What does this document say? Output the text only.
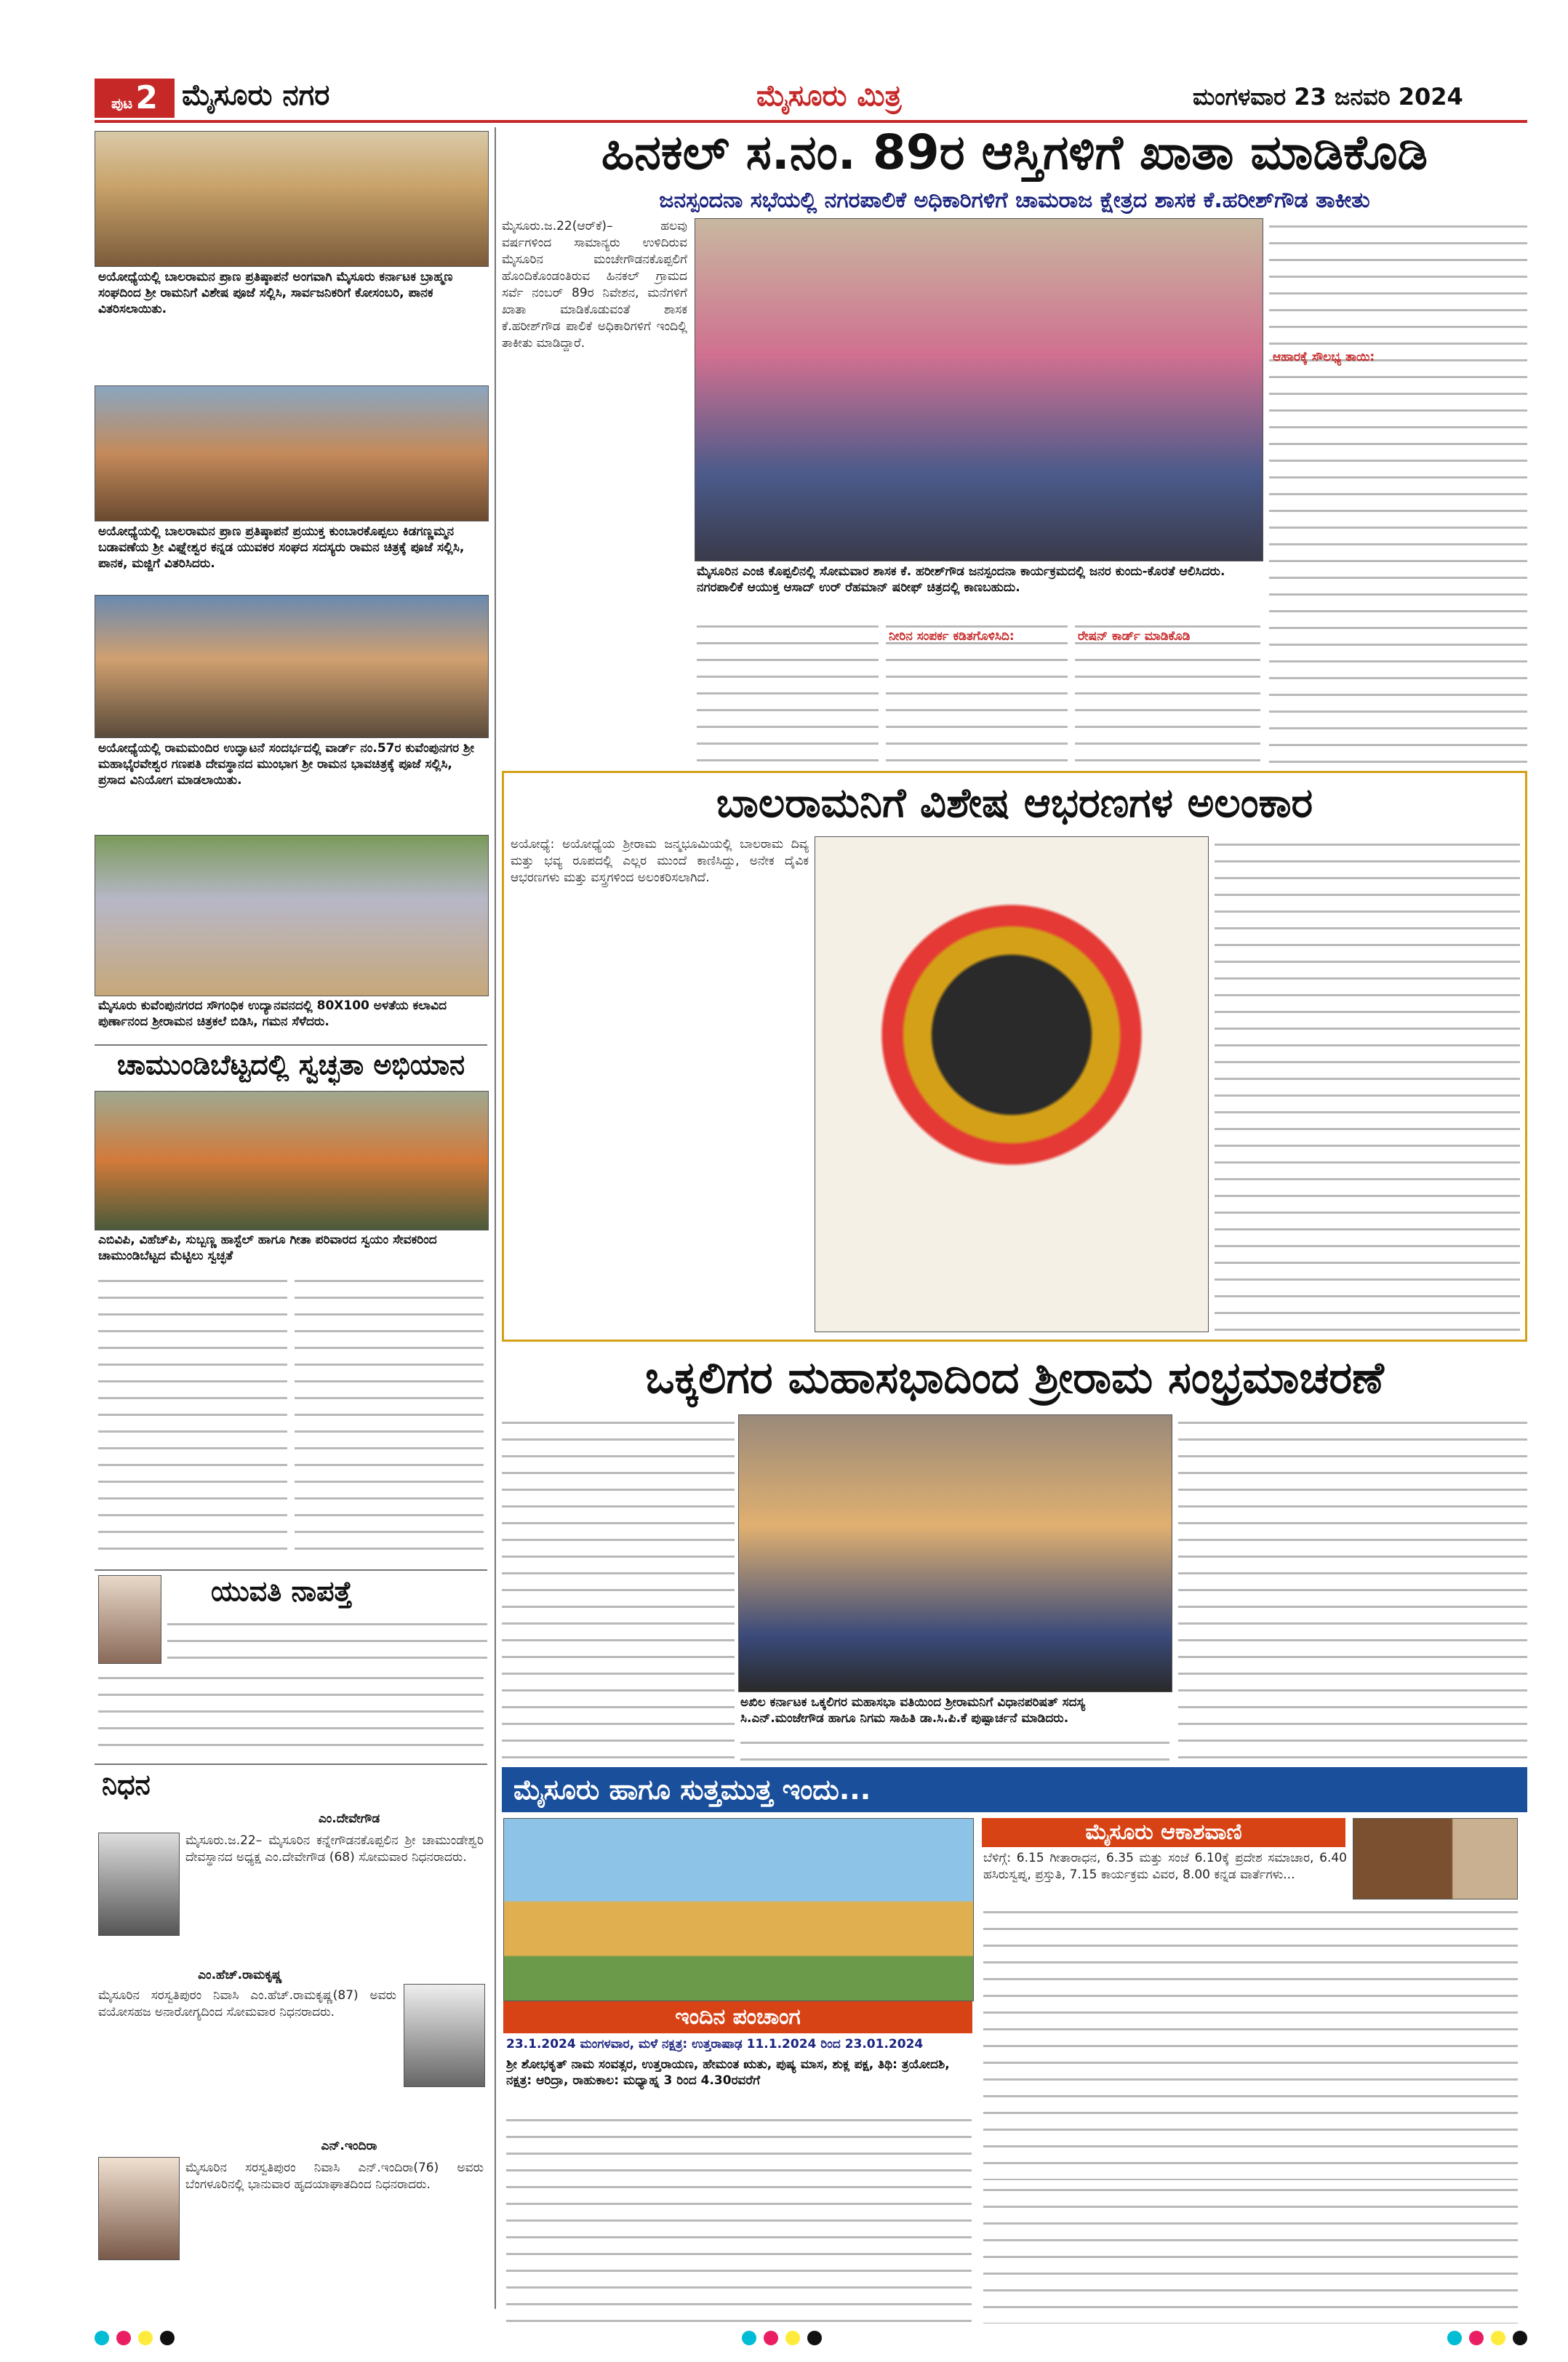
ಪುಟ2 ಮೈಸೂರು ನಗರ	ಮೈಸೂರು ಮಿತ್ರ	ಮಂಗಳವಾರ 23 ಜನವರಿ 2024
ಅಯೋಧ್ಯೆಯಲ್ಲಿ ಬಾಲರಾಮನ ಪ್ರಾಣ ಪ್ರತಿಷ್ಠಾಪನೆ ಅಂಗವಾಗಿ ಮೈಸೂರು ಕರ್ನಾಟಕ ಬ್ರಾಹ್ಮಣ ಸಂಘದಿಂದ ಶ್ರೀ ರಾಮನಿಗೆ ವಿಶೇಷ ಪೂಜೆ ಸಲ್ಲಿಸಿ, ಸಾರ್ವಜನಿಕರಿಗೆ ಕೋಸಂಬರಿ, ಪಾನಕ ವಿತರಿಸಲಾಯಿತು.
ಅಯೋಧ್ಯೆಯಲ್ಲಿ ಬಾಲರಾಮನ ಪ್ರಾಣ ಪ್ರತಿಷ್ಠಾಪನೆ ಪ್ರಯುಕ್ತ ಕುಂಬಾರಕೊಪ್ಪಲು ಕಿಡಗಣ್ಣಮ್ಮನ ಬಡಾವಣೆಯ ಶ್ರೀ ವಿಘ್ನೇಶ್ವರ ಕನ್ನಡ ಯುವಕರ ಸಂಘದ ಸದಸ್ಯರು ರಾಮನ ಚಿತ್ರಕ್ಕೆ ಪೂಜೆ ಸಲ್ಲಿಸಿ, ಪಾನಕ, ಮಜ್ಜಿಗೆ ವಿತರಿಸಿದರು.
ಅಯೋಧ್ಯೆಯಲ್ಲಿ ರಾಮಮಂದಿರ ಉದ್ಘಾಟನೆ ಸಂದರ್ಭದಲ್ಲಿ ವಾರ್ಡ್ ನಂ.57ರ ಕುವೆಂಪುನಗರ ಶ್ರೀ ಮಹಾಭೈರವೇಶ್ವರ ಗಣಪತಿ ದೇವಸ್ಥಾನದ ಮುಂಭಾಗ ಶ್ರೀ ರಾಮನ ಭಾವಚಿತ್ರಕ್ಕೆ ಪೂಜೆ ಸಲ್ಲಿಸಿ, ಪ್ರಸಾದ ವಿನಿಯೋಗ ಮಾಡಲಾಯಿತು.
ಮೈಸೂರು ಕುವೆಂಪುನಗರದ ಸೌಗಂಧಿಕ ಉದ್ಯಾನವನದಲ್ಲಿ 80X100 ಅಳತೆಯ ಕಲಾವಿದ ಪುರ್ಣಾನಂದ ಶ್ರೀರಾಮನ ಚಿತ್ರಕಲೆ ಬಿಡಿಸಿ, ಗಮನ ಸೆಳೆದರು.
ಚಾಮುಂಡಿಬೆಟ್ಟದಲ್ಲಿ ಸ್ವಚ್ಛತಾ ಅಭಿಯಾನ
ಎಬಿವಿಪಿ, ವಿಹೆಚ್‌ಪಿ, ಸುಬ್ಬಣ್ಣ ಹಾಸ್ಟೆಲ್ ಹಾಗೂ ಗೀತಾ ಪರಿವಾರದ ಸ್ವಯಂ ಸೇವಕರಿಂದ ಚಾಮುಂಡಿಬೆಟ್ಟದ ಮೆಟ್ಟಿಲು ಸ್ವಚ್ಛತೆ
ಯುವತಿ ನಾಪತ್ತೆ
ನಿಧನ
ಎಂ.ದೇವೇಗೌಡ
ಮೈಸೂರು.ಜ.22– ಮೈಸೂರಿನ ಕನ್ನೇಗೌಡನಕೊಪ್ಪಲಿನ ಶ್ರೀ ಚಾಮುಂಡೇಶ್ವರಿ ದೇವಸ್ಥಾನದ ಅಧ್ಯಕ್ಷ ಎಂ.ದೇವೇಗೌಡ (68) ಸೋಮವಾರ ನಿಧನರಾದರು.
ಎಂ.ಹೆಚ್.ರಾಮಕೃಷ್ಣ
ಮೈಸೂರಿನ ಸರಸ್ವತಿಪುರಂ ನಿವಾಸಿ ಎಂ.ಹೆಚ್.ರಾಮಕೃಷ್ಣ(87) ಅವರು ವಯೋಸಹಜ ಅನಾರೋಗ್ಯದಿಂದ ಸೋಮವಾರ ನಿಧನರಾದರು.
ಎನ್.ಇಂದಿರಾ
ಮೈಸೂರಿನ ಸರಸ್ವತಿಪುರಂ ನಿವಾಸಿ ಎನ್.ಇಂದಿರಾ(76) ಅವರು ಬೆಂಗಳೂರಿನಲ್ಲಿ ಭಾನುವಾರ ಹೃದಯಾಘಾತದಿಂದ ನಿಧನರಾದರು.
ಹಿನಕಲ್ ಸ.ನಂ. 89ರ ಆಸ್ತಿಗಳಿಗೆ ಖಾತಾ ಮಾಡಿಕೊಡಿ
ಜನಸ್ಪಂದನಾ ಸಭೆಯಲ್ಲಿ ನಗರಪಾಲಿಕೆ ಅಧಿಕಾರಿಗಳಿಗೆ ಚಾಮರಾಜ ಕ್ಷೇತ್ರದ ಶಾಸಕ ಕೆ.ಹರೀಶ್‌ಗೌಡ ತಾಕೀತು
ಮೈಸೂರು.ಜ.22(ಆರ್‌ಕೆ)– ಹಲವು ವರ್ಷಗಳಿಂದ ಸಾಮಾನ್ಯರು ಉಳಿದಿರುವ ಮೈಸೂರಿನ ಮಂಚೇಗೌಡನಕೊಪ್ಪಲಿಗೆ ಹೊಂದಿಕೊಂಡಂತಿರುವ ಹಿನಕಲ್ ಗ್ರಾಮದ ಸರ್ವೆ ನಂಬರ್ 89ರ ನಿವೇಶನ, ಮನೆಗಳಿಗೆ ಖಾತಾ ಮಾಡಿಕೊಡುವಂತೆ ಶಾಸಕ ಕೆ.ಹರೀಶ್‌ಗೌಡ ಪಾಲಿಕೆ ಅಧಿಕಾರಿಗಳಿಗೆ ಇಂದಿಲ್ಲಿ ತಾಕೀತು ಮಾಡಿದ್ದಾರೆ.
ಮೈಸೂರಿನ ಎಂಜಿ ಕೊಪ್ಪಲಿನಲ್ಲಿ ಸೋಮವಾರ ಶಾಸಕ ಕೆ. ಹರೀಶ್‌ಗೌಡ ಜನಸ್ಪಂದನಾ ಕಾರ್ಯಕ್ರಮದಲ್ಲಿ ಜನರ ಕುಂದು-ಕೊರತೆ ಆಲಿಸಿದರು. ನಗರಪಾಲಿಕೆ ಆಯುಕ್ತ ಆಸಾದ್ ಉರ್ ರೆಹಮಾನ್ ಷರೀಫ್ ಚಿತ್ರದಲ್ಲಿ ಕಾಣಬಹುದು.
ಆಹಾರಕ್ಕೆ ಸೌಲಭ್ಯ ತಾಯಿ:
ನೀರಿನ ಸಂಪರ್ಕ ಕಡಿತಗೊಳಿಸಿದಿ:	ರೇಷನ್ ಕಾರ್ಡ್ ಮಾಡಿಕೊಡಿ
ಬಾಲರಾಮನಿಗೆ ವಿಶೇಷ ಆಭರಣಗಳ ಅಲಂಕಾರ
ಅಯೋಧ್ಯೆ: ಅಯೋಧ್ಯೆಯ ಶ್ರೀರಾಮ ಜನ್ಮಭೂಮಿಯಲ್ಲಿ ಬಾಲರಾಮ ದಿವ್ಯ ಮತ್ತು ಭವ್ಯ ರೂಪದಲ್ಲಿ ಎಲ್ಲರ ಮುಂದೆ ಕಾಣಿಸಿದ್ದು, ಅನೇಕ ದೈವಿಕ ಆಭರಣಗಳು ಮತ್ತು ವಸ್ತ್ರಗಳಿಂದ ಅಲಂಕರಿಸಲಾಗಿದೆ.
ಒಕ್ಕಲಿಗರ ಮಹಾಸಭಾದಿಂದ ಶ್ರೀರಾಮ ಸಂಭ್ರಮಾಚರಣೆ
ಅಖಿಲ ಕರ್ನಾಟಕ ಒಕ್ಕಲಿಗರ ಮಹಾಸಭಾ ವತಿಯಿಂದ ಶ್ರೀರಾಮನಿಗೆ ವಿಧಾನಪರಿಷತ್ ಸದಸ್ಯ ಸಿ.ಎನ್.ಮಂಜೇಗೌಡ ಹಾಗೂ ನಿಗಮ ಸಾಹಿತಿ ಡಾ.ಸಿ.ಪಿ.ಕೆ ಪುಷ್ಪಾರ್ಚನೆ ಮಾಡಿದರು.
ಮೈಸೂರು ಹಾಗೂ ಸುತ್ತಮುತ್ತ ಇಂದು...
ಇಂದಿನ ಪಂಚಾಂಗ
23.1.2024 ಮಂಗಳವಾರ, ಮಳೆ ನಕ್ಷತ್ರ: ಉತ್ತರಾಷಾಢ 11.1.2024 ರಿಂದ 23.01.2024
ಶ್ರೀ ಶೋಭಕೃತ್ ನಾಮ ಸಂವತ್ಸರ, ಉತ್ತರಾಯಣ, ಹೇಮಂತ ಋತು, ಪುಷ್ಯ ಮಾಸ, ಶುಕ್ಲ ಪಕ್ಷ, ತಿಥಿ: ತ್ರಯೋದಶಿ, ನಕ್ಷತ್ರ: ಆರಿದ್ರಾ, ರಾಹುಕಾಲ: ಮಧ್ಯಾಹ್ನ 3 ರಿಂದ 4.30ರವರೆಗೆ
ಮೈಸೂರು ಆಕಾಶವಾಣಿ
ಬೆಳಿಗ್ಗೆ: 6.15 ಗೀತಾರಾಧನ, 6.35 ಮತ್ತು ಸಂಜೆ 6.10ಕ್ಕೆ ಪ್ರದೇಶ ಸಮಾಚಾರ, 6.40 ಹಸಿರುಸ್ವಪ್ನ, ಪ್ರಸ್ತುತಿ, 7.15 ಕಾರ್ಯಕ್ರಮ ವಿವರ, 8.00 ಕನ್ನಡ ವಾರ್ತೆಗಳು...
